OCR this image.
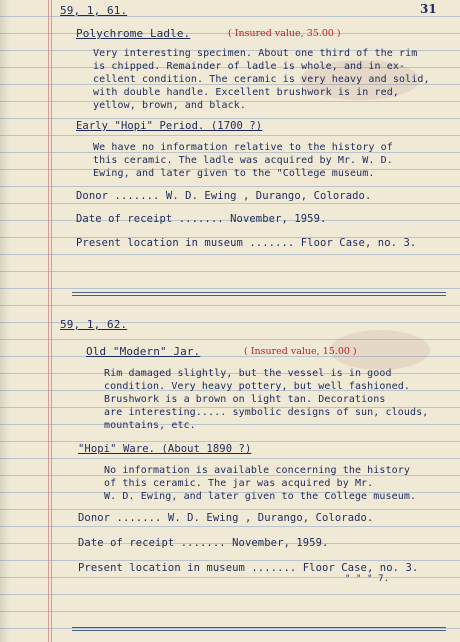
31
59, 1, 61.
Polychrome Ladle.	( Insured value, 35.00 )
Very interesting specimen. About one third of the rim
is chipped. Remainder of ladle is whole, and in ex-
cellent condition. The ceramic is very heavy and solid,
with double handle. Excellent brushwork is in red,
yellow, brown, and black.
Early "Hopi" Period. (1700 ?)
We have no information relative to the history of
this ceramic. The ladle was acquired by Mr. W. D.
Ewing, and later given to the "College museum.
Donor ....... W. D. Ewing , Durango, Colorado.
Date of receipt ....... November, 1959.
Present location in museum ....... Floor Case, no. 3.
59, 1, 62.
Old "Modern" Jar.	( Insured value, 15.00 )
Rim damaged slightly, but the vessel is in good
condition. Very heavy pottery, but well fashioned.
Brushwork is a brown on light tan. Decorations
are interesting..... symbolic designs of sun, clouds,
mountains, etc.
"Hopi" Ware. (About 1890 ?)
No information is available concerning the history
of this ceramic. The jar was acquired by Mr.
W. D. Ewing, and later given to the College museum.
Donor ....... W. D. Ewing , Durango, Colorado.
Date of receipt ....... November, 1959.
Present location in museum ....... Floor Case, no. 3.
" " " 7.
